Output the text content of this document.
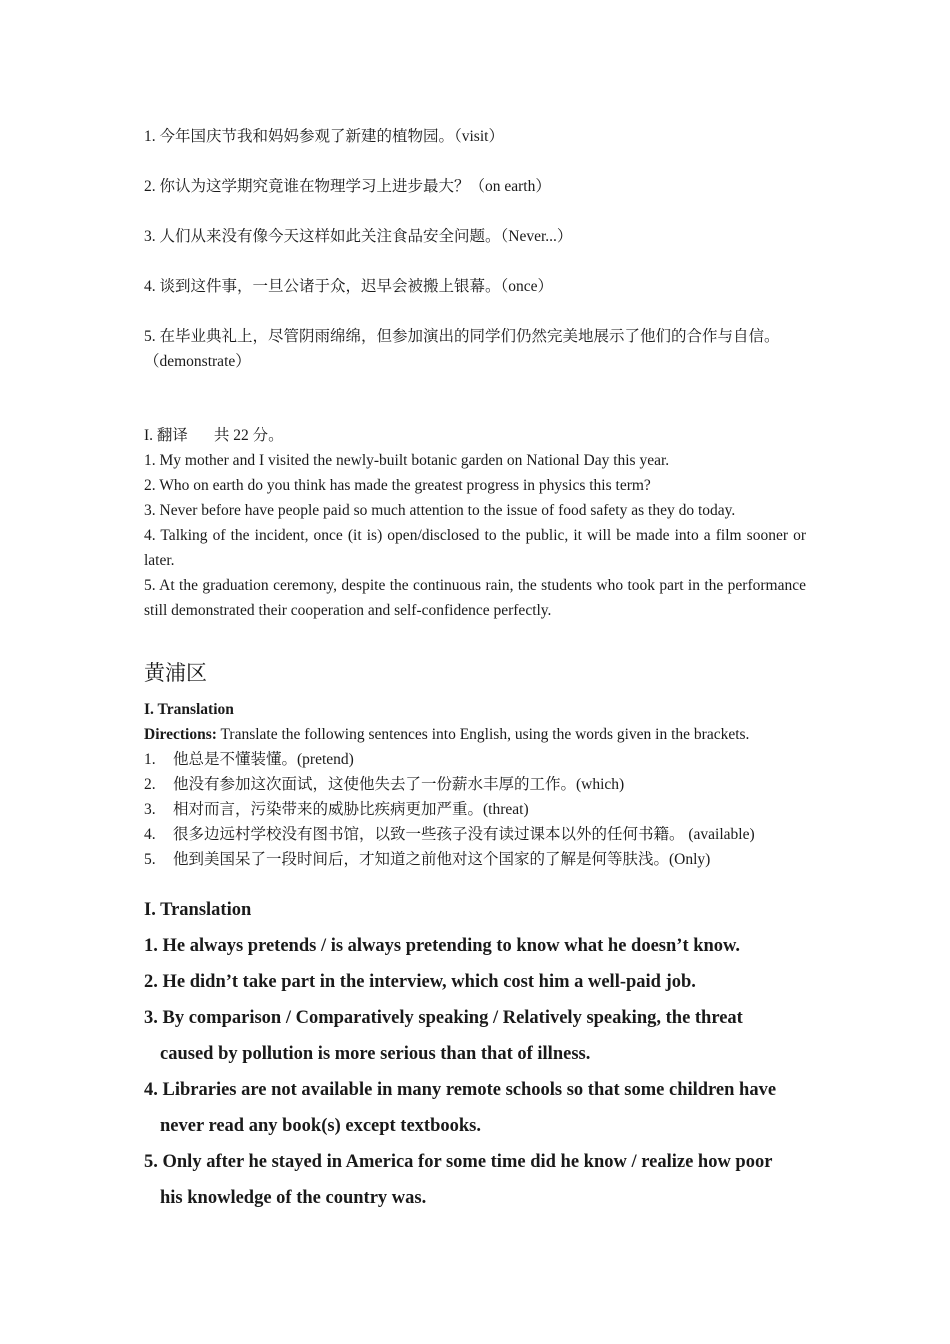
1. 今年国庆节我和妈妈参观了新建的植物园。（visit）
2. 你认为这学期究竟谁在物理学习上进步最大？（on earth）
3. 人们从来没有像今天这样如此关注食品安全问题。（Never...）
4. 谈到这件事，一旦公诸于众，迟早会被搬上银幕。（once）
5. 在毕业典礼上，尽管阴雨绵绵，但参加演出的同学们仍然完美地展示了他们的合作与自信。（demonstrate）
I. 翻译 共 22 分。
1. My mother and I visited the newly-built botanic garden on National Day this year.
2. Who on earth do you think has made the greatest progress in physics this term?
3. Never before have people paid so much attention to the issue of food safety as they do today.
4. Talking of the incident, once (it is) open/disclosed to the public, it will be made into a film sooner or later.
5. At the graduation ceremony, despite the continuous rain, the students who took part in the performance still demonstrated their cooperation and self-confidence perfectly.
黄浦区
I. Translation
Directions: Translate the following sentences into English, using the words given in the brackets.
1.	他总是不懂装懂。(pretend)
2.	他没有参加这次面试，这使他失去了一份薪水丰厚的工作。(which)
3.	相对而言，污染带来的威胁比疾病更加严重。(threat)
4.	很多边远村学校没有图书馆，以致一些孩子没有读过课本以外的任何书籍。 (available)
5.	他到美国呆了一段时间后，才知道之前他对这个国家的了解是何等肤浅。(Only)
I. Translation
1. He always pretends / is always pretending to know what he doesn’t know.
2. He didn’t take part in the interview, which cost him a well-paid job.
3. By comparison / Comparatively speaking / Relatively speaking, the threat
caused by pollution is more serious than that of illness.
4. Libraries are not available in many remote schools so that some children have
never read any book(s) except textbooks.
5. Only after he stayed in America for some time did he know / realize how poor
his knowledge of the country was.
